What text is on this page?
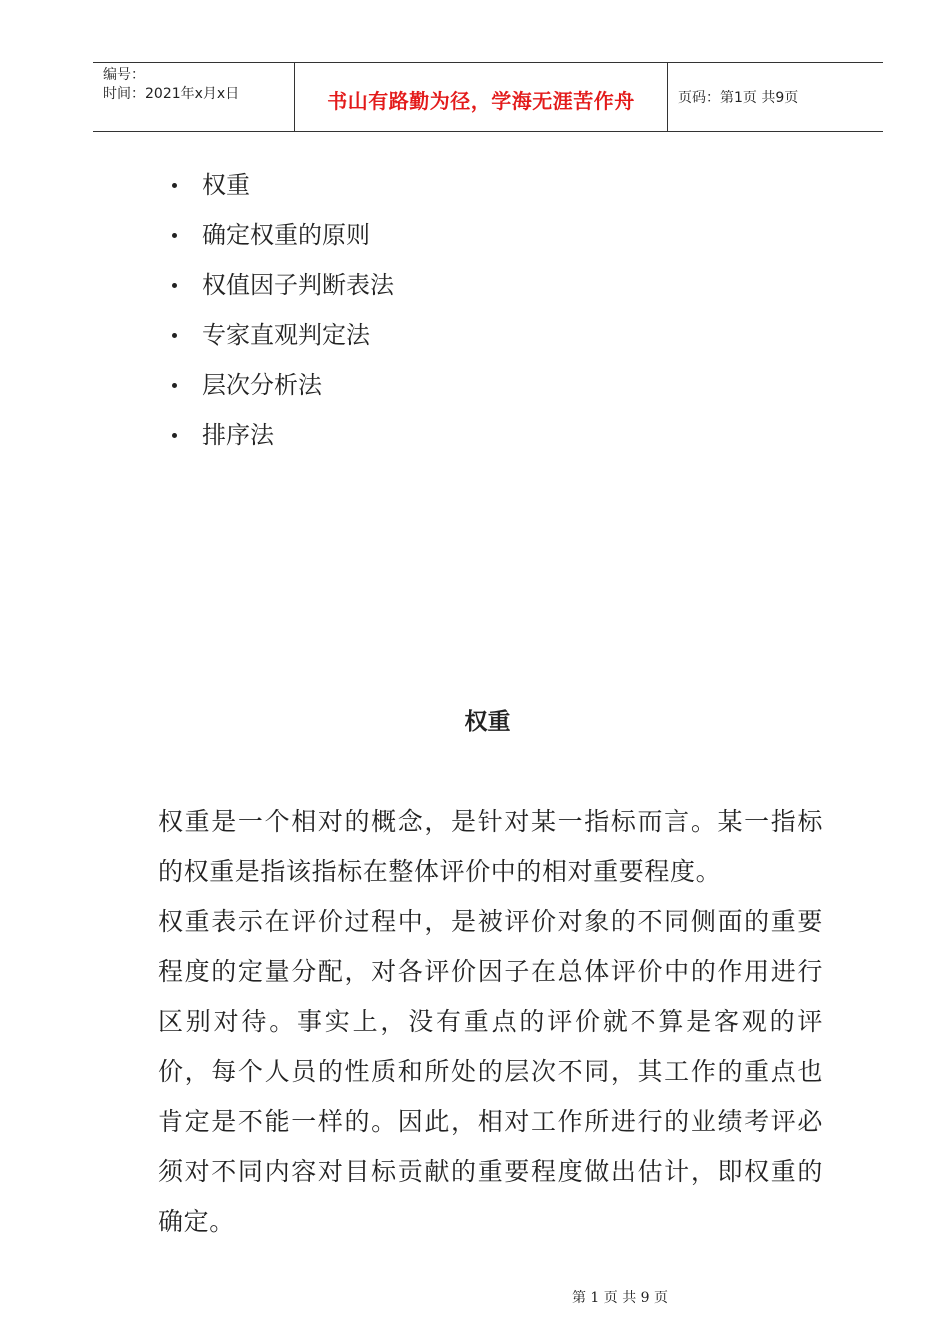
编号：
时间：2021年x月x日	书山有路勤为径，学海无涯苦作舟	页码：第1页 共9页
权重
确定权重的原则
权值因子判断表法
专家直观判定法
层次分析法
排序法
权重

权重是一个相对的概念，是针对某一指标而言。某一指标的权重是指该指标在整体评价中的相对重要程度。

权重表示在评价过程中，是被评价对象的不同侧面的重要程度的定量分配，对各评价因子在总体评价中的作用进行区别对待。事实上，没有重点的评价就不算是客观的评价，每个人员的性质和所处的层次不同，其工作的重点也肯定是不能一样的。因此，相对工作所进行的业绩考评必须对不同内容对目标贡献的重要程度做出估计，即权重的确定。

第 1 页 共 9 页
